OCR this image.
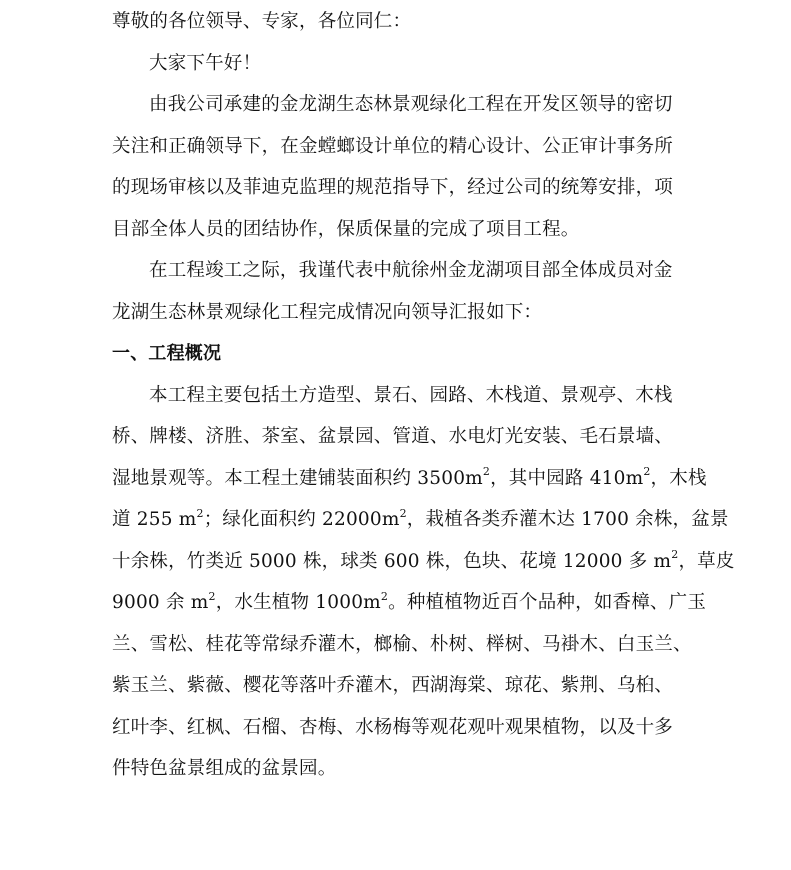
尊敬的各位领导、专家，各位同仁：
大家下午好！
由我公司承建的金龙湖生态林景观绿化工程在开发区领导的密切
关注和正确领导下，在金螳螂设计单位的精心设计、公正审计事务所
的现场审核以及菲迪克监理的规范指导下，经过公司的统筹安排，项
目部全体人员的团结协作，保质保量的完成了项目工程。
在工程竣工之际，我谨代表中航徐州金龙湖项目部全体成员对金
龙湖生态林景观绿化工程完成情况向领导汇报如下：
一、工程概况
本工程主要包括土方造型、景石、园路、木栈道、景观亭、木栈
桥、牌楼、济胜、茶室、盆景园、管道、水电灯光安装、毛石景墙、
湿地景观等。本工程土建铺装面积约 $3500m^2$，其中园路 $410m^2$，木栈
道 255 $m^2$；绿化面积约 $22000m^2$，栽植各类乔灌木达 1700 余株，盆景
十余株，竹类近 5000 株，球类 600 株，色块、花境 12000 多 $m^2$，草皮
9000 余 $m^2$，水生植物 $1000m^2$。种植植物近百个品种，如香樟、广玉
兰、雪松、桂花等常绿乔灌木，榔榆、朴树、榉树、马褂木、白玉兰、
紫玉兰、紫薇、樱花等落叶乔灌木，西湖海棠、琼花、紫荆、乌桕、
红叶李、红枫、石榴、杏梅、水杨梅等观花观叶观果植物，以及十多
件特色盆景组成的盆景园。
